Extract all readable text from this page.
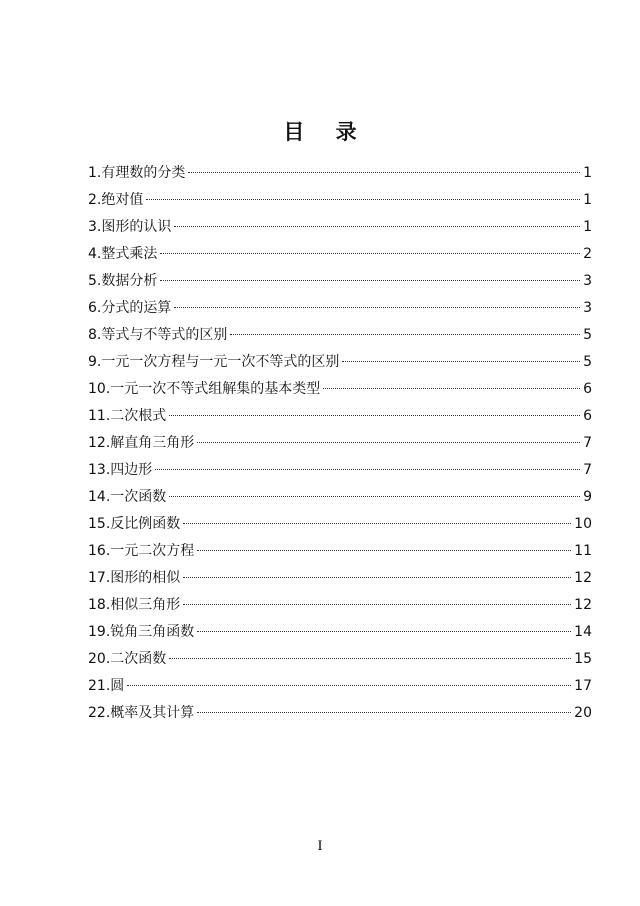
目 录
1.有理数的分类	1
2.绝对值	1
3.图形的认识	1
4.整式乘法	2
5.数据分析	3
6.分式的运算	3
8.等式与不等式的区别	5
9.一元一次方程与一元一次不等式的区别	5
10.一元一次不等式组解集的基本类型	6
11.二次根式	6
12.解直角三角形	7
13.四边形	7
14.一次函数	9
15.反比例函数	10
16.一元二次方程	11
17.图形的相似	12
18.相似三角形	12
19.锐角三角函数	14
20.二次函数	15
21.圆	17
22.概率及其计算	20
I
